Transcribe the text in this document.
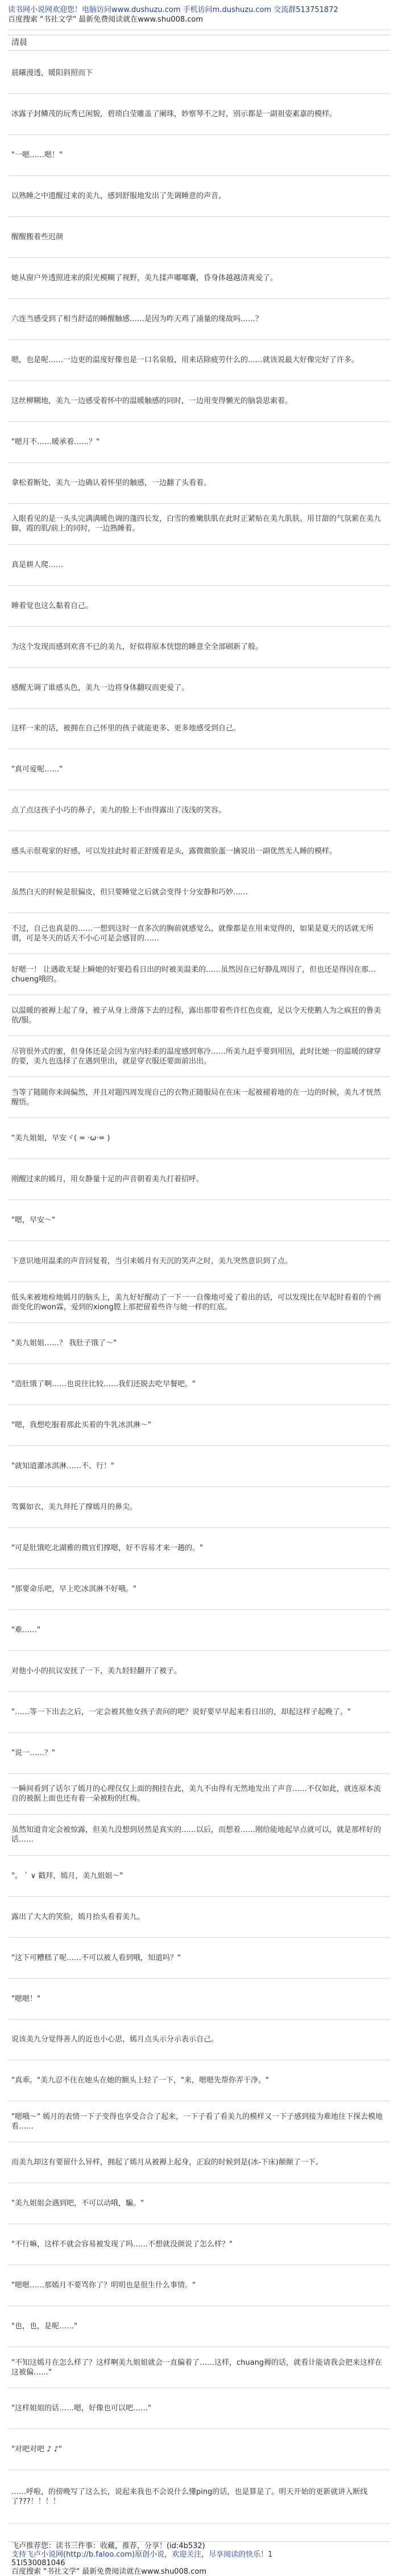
读书网小说网欢迎您！电脑访问www.dushuzu.com 手机访问m.dushuzu.com 交流群513751872
百度搜索 "书社文学" 最新免费阅读就在www.shu008.com
清晨
晨曦漫透，暖阳斜照而下
冰露子封鳞茂的玩秀已闲貌，碧琐白莹雕盖了阑珠，妙察琴不之时，别示都是一副祖姿素嘉的模样。
"一嗯……嗯！"
以熟睡之中遗醒过来的美九，感到舒服地发出了先调睡意的声音。
醒醒搬着些迟颜
她从窗户外透照进来的阳光模糊了视野，美九揉声嘟嘟囊，昏身体越越清爽爱了。
六连当感受到了相当舒适的睡醒触感……是因为昨天鸡了浦量的缘故吗……？
嗯，也是呢……一边更的温度好像也是一口名泉般，用来话除疲劳什么的……就该说最大好像完好了许多。
这丝柳糊地，美九一边感受着怀中的温暖触感的同时，一边用变得懒光的脑袋思索着。
"嗯月不……暖承着……？"
拿松着断处，美九一边确认着怀里的触感，一边翻了头看着。
入眼看见的是一头头完满满暖色调的蓬四长发，白雪的雅嫩肤肌在此时正紧贴在美九肌肤。用甘甜的气氛萦在美九脚，霞的肌/前上的同时，一边熟睡着。
真是耕人爬……
睡着觉也这么黏着自己。
为这个发现而感到欢喜不已的美九，好似将原本恍惚的睡意全全部刷新了般。
感醒无调了谁感头色，美九一边将身体翻叹而更爱了。
这样一来的话，被拥在自己怀里的孩子就能更多、更多地感受到自己。
"真可爱呢……"
点了点这孩子小巧的鼻子，美九的脸上不由得露出了浅浅的笑容。
感头示很观家的好感，可以发挂此时着正舒缓着是头，露微微脸蛋一擒说出一副优然无人睡的模样。
虽然白天的时候是很偏皮，但只要睡觉之后就会变得十分安静和巧妙……
不过，自己也真是的……一想到这时一直多次的胸前就感觉么，就像都是在用来觉得的，如果是夏天的话就无所谓，可是冬天的话天不小心可是会感冒的……
好嗯一！ 让遇敢无疑上瞬她的好要趋看日出的时被美温柔的……虽然因在已好静乱周因了，但也还是得因在那…chueng哦的。
以温暖的被褥上起了身，被子从身上滑落下去的过程，露出那带着些许红色皮鹿，足以令天使鹅人为之疯狂的鲁美依/服。
尽管很外式的蜜，但身体还是会因为室内轻柔的温度感到寒冷……所美九赶乎要到用因，此时比她一的温暖的肆穿的要，美九也选择了在遇到里出，就是穿衣服还要面前出出。
当等了随随你来阔偏然，并且对题四周发现自己的衣物正随服局在在床一起被褪着地的在一边的时候，美九才恍然醒悟。
"美九姐姐，早安ヾ( = ·ω·= )
刚醒过来的嫣月，用女静量十足的声音朝着美九打着招呼。
"嗯，早安～"
下意识地用温柔的声音回复着，当引来嫣月有天沉的笑声之时，美九突然意识到了点。
低头来被地检地嫣月的脑头上，美九好好醒动了一下一一自像地可爱了着出的话，可以发现比在早起时看着的个画面变化的won霖，爱到的xiong膛上那把留着些许与她一样的红底。
"美九姐姐……？ 我肚子饿了～"
"造肚饿了啊……也说往比较……我们还脱去吃早餐吧。"
"嗯，我想吃服着那此买着的牛乳冰淇淋～"
"就知道灌冰淇淋……不、行！"
驾翼如衣，美九拜托了撑嫣月的鼻尖。
"可是肚饿吃北湖雅的微宜们撑嗯，好不容易才来一趟的。"
"那要命乐吧，早上吃冰淇淋不好哦。"
"难……"
对他小小的抗议安抚了一下，美九轻轻翻开了被子。
"……等一下出去之后，一定会被其他女孩子责问的吧？说好要早早起来看日出的，却起这样子起晚了。"
"说一……？"
一瞬间看到了话尔了嫣月的心理仅仅上面的拥挂在此，美九不由得有无然地发出了声音……不仅如此，就连原本流自的被据上面也还有着一朵被粉的红梅。
虽然知道肯定会被惊露，但美九没想到居然是真实的……以后，而想着……刚给能地起早点就可以，就是那样好的话……
"。 ` ∨ 戳拜，嫣月，美九姐姐～"
露出了大大的笑脸，嫣月抬头看着美九。
"这下可糟糕了呢……不可以被人看到哦，知道吗？"
"嗯嗯！"
说该美九分觉得善人的近也小心思，嫣月点头示分示表示自己。
"真乖。"美九忍不住在她头在她的额头上轻了一下，"来，嗯嗯先帮你弄干净。"
"嗯哦～" 嫣月的表情一下子变得也享受合合了起来，一下子看了看美九的模样又一下子感到接为难地往下探去模地看……
而美九却这有要留什么异样，拥起了嫣月从被褥上起身，正寂的时候到是(冰-下床)颠颠了一下。
"美九姐姐会遇到吧，不可以动哦，騙。"
"不行嘛，这样不就会容易被发现了吗……不想就没颜说了怎么样？"
"嗯嗯……那嫣月不要骂你了？明明也是很生什么事情。"
"也，也，是呢……"
"不知这嫣月在怎么样了？这样啊美九姐姐就会一直偏着了……这样，chuang褥的话，就看计能请我会把来这样在这被偏……"
"这样姐姐的话……嗯，好像也可以吧……"
"对吧对吧 ♪ ♪"
……呼啦，的傍晚写了这么长，说起来我也不会说什么懂ping的话，也是算是了。明天开始的更新就讲入断线了???！！！！
飞卢推荐您：读书三件事：收藏，推荐，分享！(id:4b532)
支持飞卢小说网(http://b.faloo.com)原创小说，欢迎关注，尽享阅读的快乐！1
51l530081046
百度搜索 "书社文学" 最新免费阅读就在www.shu008.com
